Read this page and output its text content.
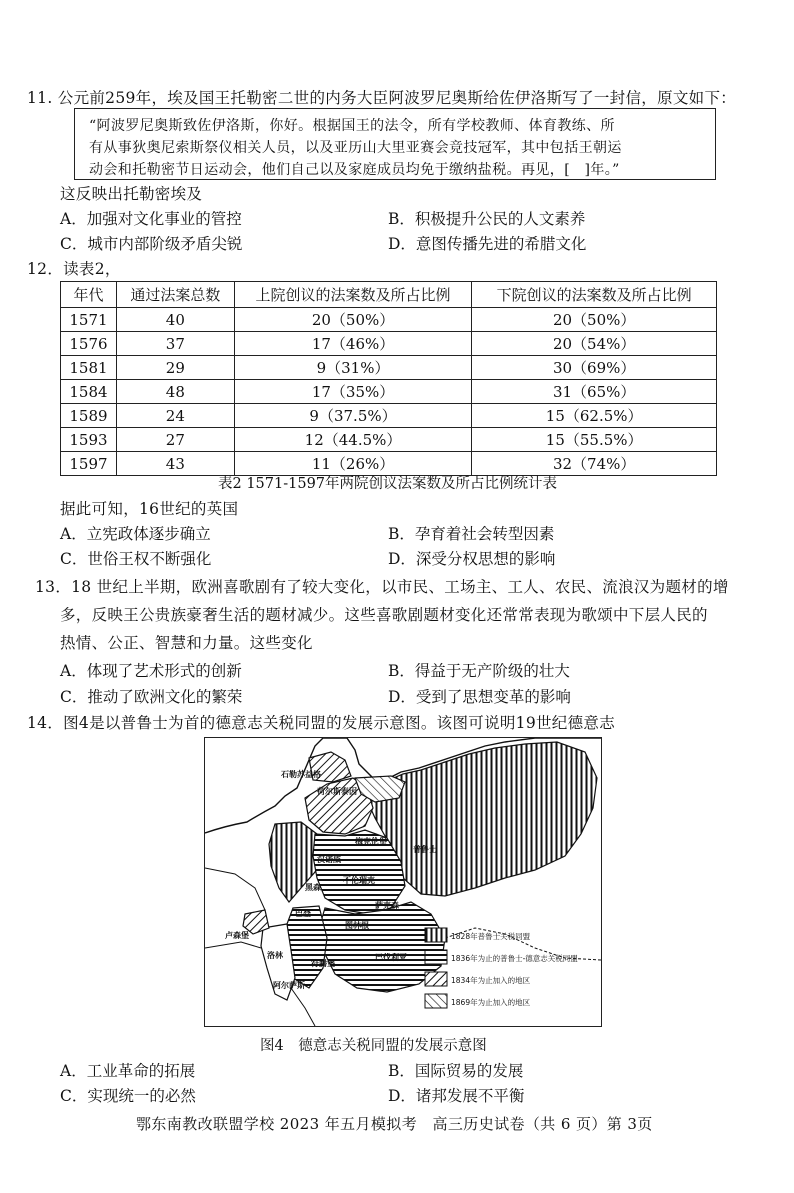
11. 公元前259年，埃及国王托勒密二世的内务大臣阿波罗尼奥斯给佐伊洛斯写了一封信，原文如下：
“阿波罗尼奥斯致佐伊洛斯，你好。根据国王的法令，所有学校教师、体育教练、所
有从事狄奥尼索斯祭仪相关人员，以及亚历山大里亚赛会竞技冠军，其中包括王朝运
动会和托勒密节日运动会，他们自己以及家庭成员均免于缴纳盐税。再见，[　]年。”
这反映出托勒密埃及
A．加强对文化事业的管控	B．积极提升公民的人文素养
C．城市内部阶级矛盾尖锐	D．意图传播先进的希腊文化
12．读表2，
年代	通过法案总数	上院创议的法案数及所占比例	下院创议的法案数及所占比例
1571	40	20（50%）	20（50%）
1576	37	17（46%）	20（54%）
1581	29	9（31%）	30（69%）
1584	48	17（35%）	31（65%）
1589	24	9（37.5%）	15（62.5%）
1593	27	12（44.5%）	15（55.5%）
1597	43	11（26%）	32（74%）
表2 1571-1597年两院创议法案数及所占比例统计表
据此可知，16世纪的英国
A．立宪政体逐步确立	B．孕育着社会转型因素
C．世俗王权不断强化	D．深受分权思想的影响
13．18 世纪上半期，欧洲喜歌剧有了较大变化，以市民、工场主、工人、农民、流浪汉为题材的增
多，反映王公贵族豪奢生活的题材减少。这些喜歌剧题材变化还常常表现为歌颂中下层人民的
热情、公正、智慧和力量。这些变化
A．体现了艺术形式的创新	B．得益于无产阶级的壮大
C．推动了欧洲文化的繁荣	D．受到了思想变革的影响
14．图4是以普鲁士为首的德意志关税同盟的发展示意图。该图可说明19世纪德意志
石勒苏益格
荷尔斯泰因
梅克伦堡
汉诺威
普鲁士
不伦瑞克
萨克森
图林根
卢森堡
洛林
阿尔萨斯
符腾堡
巴伐利亚
巴登
黑森
1828年普鲁士关税同盟
1836年为止的普鲁士-德意志关税同盟
1834年为止加入的地区
1869年为止加入的地区
图4　德意志关税同盟的发展示意图
A．工业革命的拓展	B．国际贸易的发展
C．实现统一的必然	D．诸邦发展不平衡
鄂东南教改联盟学校 2023 年五月模拟考　高三历史试卷（共 6 页）第 3页
